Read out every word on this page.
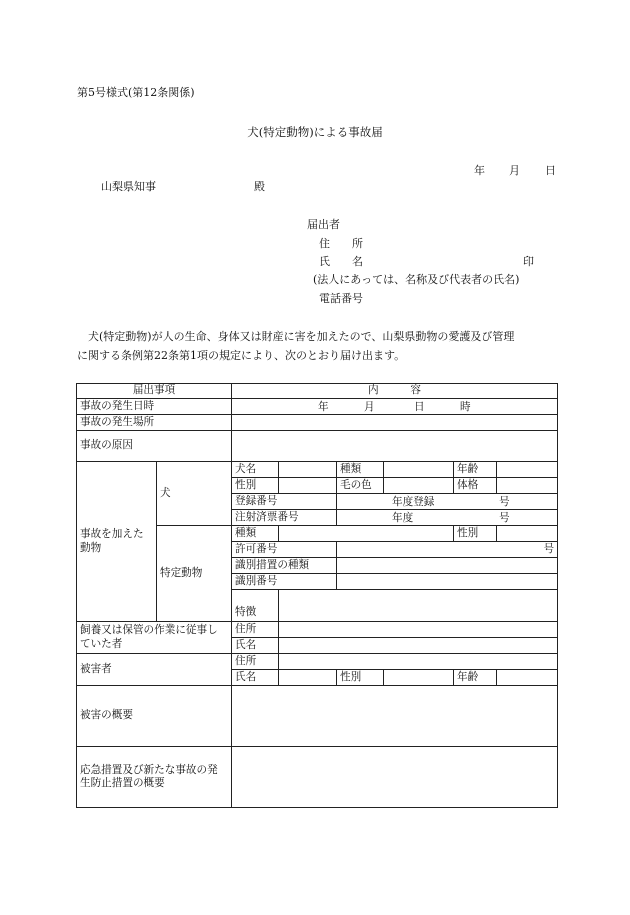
第5号様式(第12条関係)
犬(特定動物)による事故届
年 月 日
山梨県知事	殿
届出者
住　　所
氏　　名	印
(法人にあっては、名称及び代表者の氏名)
電話番号
　犬(特定動物)が人の生命、身体又は財産に害を加えたので、山梨県動物の愛護及び管理
に関する条例第22条第1項の規定により、次のとおり届け出ます。
届出事項		内　　　容					
事故の発生日時		年 月 日 時					

事故の発生場所							
事故の原因							
事故を加えた動物	犬	犬名		種類		年齢	
		性別		毛の色		体格	
		登録番号		年度登録 号			

		注射済票番号		年度 号			

	特定動物	種類				性別	
		許可番号		号			
		識別措置の種類					
		識別番号					
		特徴					

飼養又は保管の作業に従事していた者		住所					
		氏名					
被害者		住所					
		氏名		性別		年齢	
被害の概要							
応急措置及び新たな事故の発生防止措置の概要							
